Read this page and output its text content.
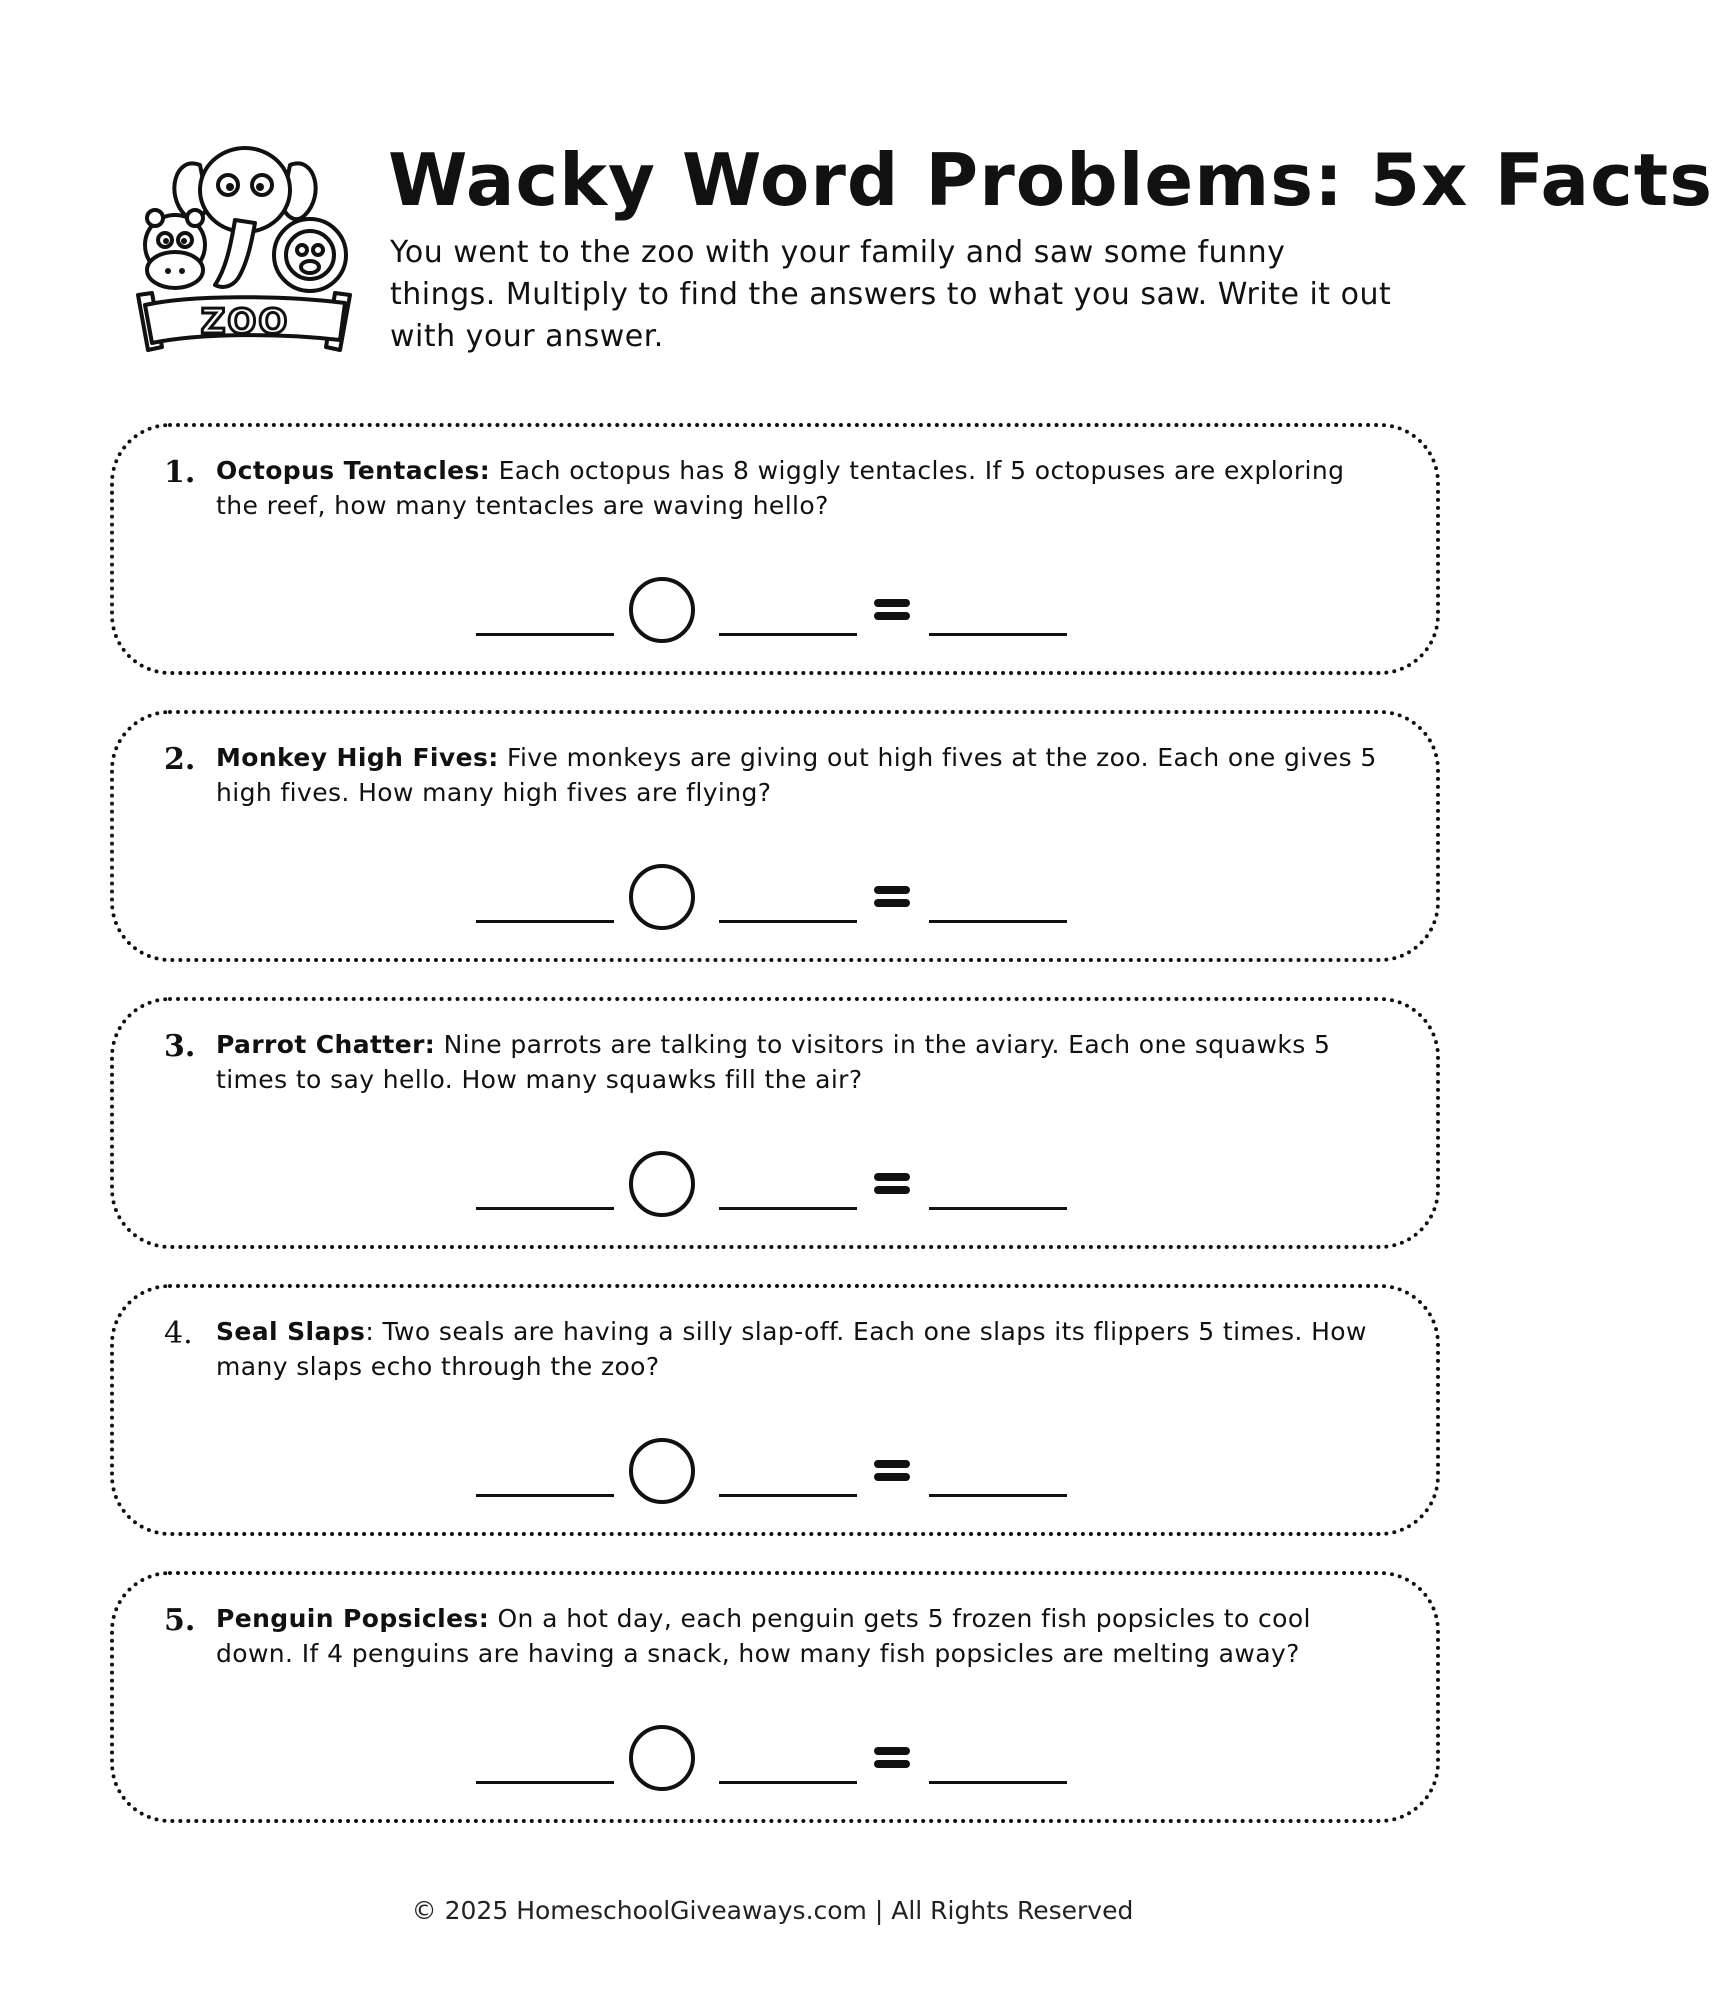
ZOO
Wacky Word Problems: 5x Facts

You went to the zoo with your family and saw some funny things. Multiply to find the answers to what you saw. Write it out with your answer.

1. Octopus Tentacles: Each octopus has 8 wiggly tentacles. If 5 octopuses are exploring the reef, how many tentacles are waving hello?

2. Monkey High Fives: Five monkeys are giving out high fives at the zoo. Each one gives 5 high fives. How many high fives are flying?

3. Parrot Chatter: Nine parrots are talking to visitors in the aviary. Each one squawks 5 times to say hello. How many squawks fill the air?

4. Seal Slaps: Two seals are having a silly slap-off. Each one slaps its flippers 5 times. How many slaps echo through the zoo?

5. Penguin Popsicles: On a hot day, each penguin gets 5 frozen fish popsicles to cool down. If 4 penguins are having a snack, how many fish popsicles are melting away?

© 2025 HomeschoolGiveaways.com | All Rights Reserved
